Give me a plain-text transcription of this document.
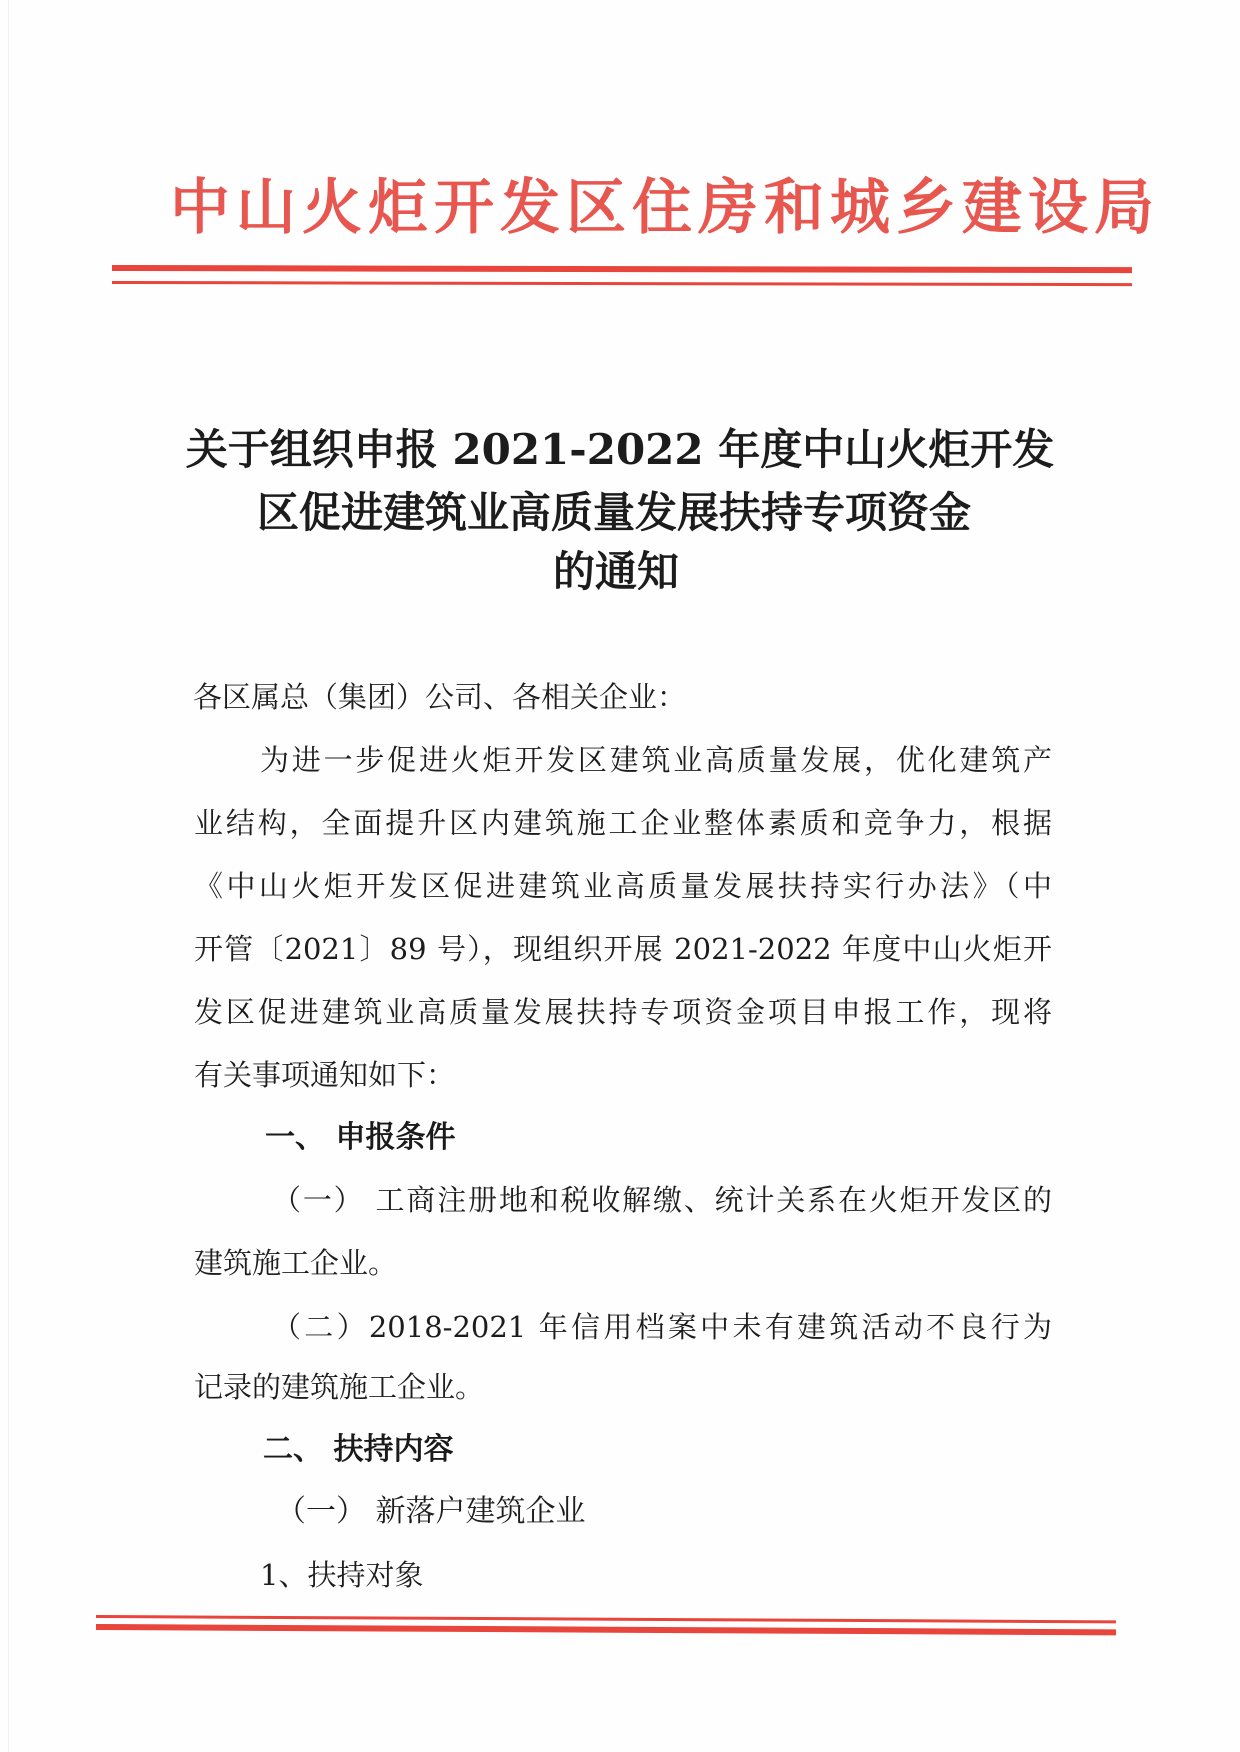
中山火炬开发区住房和城乡建设局
关于组织申报 2021-2022 年度中山火炬开发
区促进建筑业高质量发展扶持专项资金
的通知
各区属总（集团）公司、各相关企业：
为进一步促进火炬开发区建筑业高质量发展，优化建筑产
业结构，全面提升区内建筑施工企业整体素质和竞争力，根据
《中山火炬开发区促进建筑业高质量发展扶持实行办法》（中
开管〔2021〕89 号），现组织开展 2021-2022 年度中山火炬开
发区促进建筑业高质量发展扶持专项资金项目申报工作，现将
有关事项通知如下：
一、 申报条件
（一） 工商注册地和税收解缴、统计关系在火炬开发区的
建筑施工企业。
（二）2018-2021 年信用档案中未有建筑活动不良行为
记录的建筑施工企业。
二、 扶持内容
（一） 新落户建筑企业
1、扶持对象
